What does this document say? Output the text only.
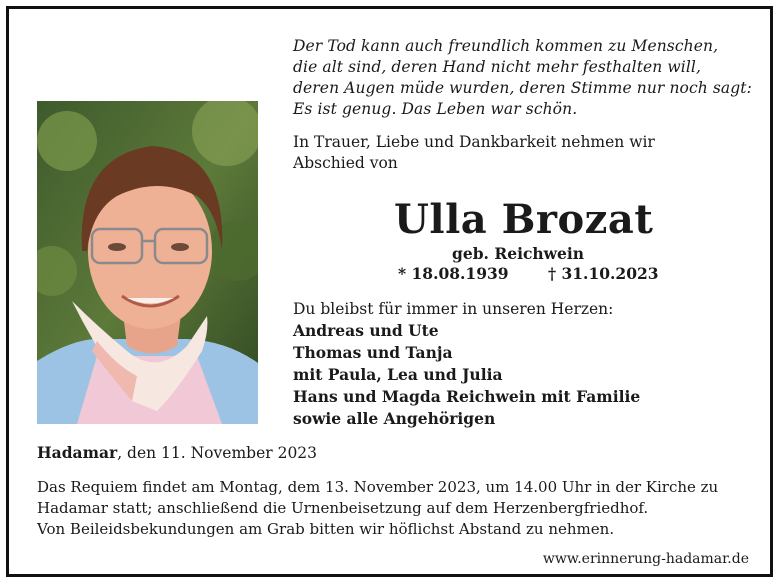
Der Tod kann auch freundlich kommen zu Menschen,
die alt sind, deren Hand nicht mehr festhalten will,
deren Augen müde wurden, deren Stimme nur noch sagt:
Es ist genug. Das Leben war schön.
In Trauer, Liebe und Dankbarkeit nehmen wir Abschied von
Ulla Brozat
geb. Reichwein
* 18.08.1939	† 31.10.2023
Du bleibst für immer in unseren Herzen:
Andreas und Ute
Thomas und Tanja
mit Paula, Lea und Julia
Hans und Magda Reichwein mit Familie
sowie alle Angehörigen
Hadamar, den 11. November 2023
Das Requiem findet am Montag, dem 13. November 2023, um 14.00 Uhr in der Kirche zu
Hadamar statt; anschließend die Urnenbeisetzung auf dem Herzenbergfriedhof.
Von Beileidsbekundungen am Grab bitten wir höflichst Abstand zu nehmen.
www.erinnerung-hadamar.de
